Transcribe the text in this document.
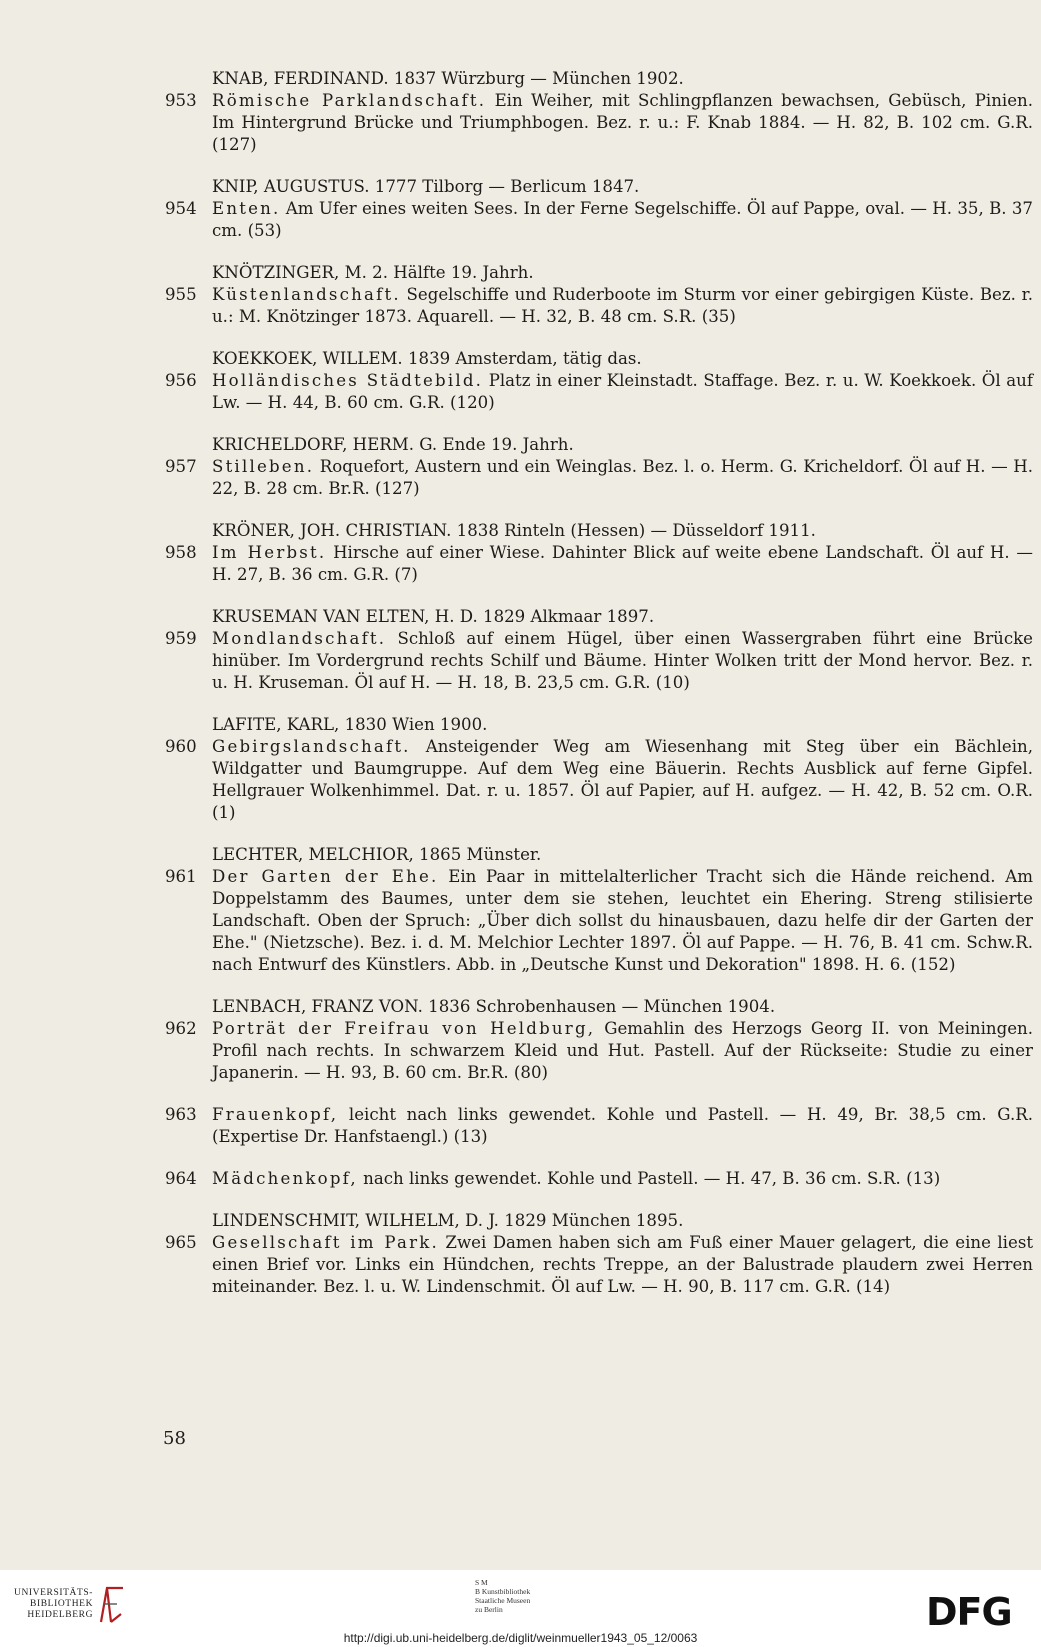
KNAB, FERDINAND. 1837 Würzburg — München 1902.
953 Römische Parklandschaft. Ein Weiher, mit Schlingpflanzen bewachsen, Gebüsch, Pinien. Im Hintergrund Brücke und Triumphbogen. Bez. r. u.: F. Knab 1884. — H. 82, B. 102 cm. G.R. (127)
KNIP, AUGUSTUS. 1777 Tilborg — Berlicum 1847.
954 Enten. Am Ufer eines weiten Sees. In der Ferne Segelschiffe. Öl auf Pappe, oval. — H. 35, B. 37 cm. (53)
KNÖTZINGER, M. 2. Hälfte 19. Jahrh.
955 Küstenlandschaft. Segelschiffe und Ruderboote im Sturm vor einer gebirgigen Küste. Bez. r. u.: M. Knötzinger 1873. Aquarell. — H. 32, B. 48 cm. S.R. (35)
KOEKKOEK, WILLEM. 1839 Amsterdam, tätig das.
956 Holländisches Städtebild. Platz in einer Kleinstadt. Staffage. Bez. r. u. W. Koekkoek. Öl auf Lw. — H. 44, B. 60 cm. G.R. (120)
KRICHELDORF, HERM. G. Ende 19. Jahrh.
957 Stilleben. Roquefort, Austern und ein Weinglas. Bez. l. o. Herm. G. Kricheldorf. Öl auf H. — H. 22, B. 28 cm. Br.R. (127)
KRÖNER, JOH. CHRISTIAN. 1838 Rinteln (Hessen) — Düsseldorf 1911.
958 Im Herbst. Hirsche auf einer Wiese. Dahinter Blick auf weite ebene Landschaft. Öl auf H. — H. 27, B. 36 cm. G.R. (7)
KRUSEMAN VAN ELTEN, H. D. 1829 Alkmaar 1897.
959 Mondlandschaft. Schloß auf einem Hügel, über einen Wassergraben führt eine Brücke hinüber. Im Vordergrund rechts Schilf und Bäume. Hinter Wolken tritt der Mond hervor. Bez. r. u. H. Kruseman. Öl auf H. — H. 18, B. 23,5 cm. G.R. (10)
LAFITE, KARL, 1830 Wien 1900.
960 Gebirgslandschaft. Ansteigender Weg am Wiesenhang mit Steg über ein Bächlein, Wildgatter und Baumgruppe. Auf dem Weg eine Bäuerin. Rechts Ausblick auf ferne Gipfel. Hellgrauer Wolkenhimmel. Dat. r. u. 1857. Öl auf Papier, auf H. aufgez. — H. 42, B. 52 cm. O.R. (1)
LECHTER, MELCHIOR, 1865 Münster.
961 Der Garten der Ehe. Ein Paar in mittelalterlicher Tracht sich die Hände reichend. Am Doppelstamm des Baumes, unter dem sie stehen, leuchtet ein Ehering. Streng stilisierte Landschaft. Oben der Spruch: „Über dich sollst du hinausbauen, dazu helfe dir der Garten der Ehe." (Nietzsche). Bez. i. d. M. Melchior Lechter 1897. Öl auf Pappe. — H. 76, B. 41 cm. Schw.R. nach Entwurf des Künstlers. Abb. in „Deutsche Kunst und Dekoration" 1898. H. 6. (152)
LENBACH, FRANZ VON. 1836 Schrobenhausen — München 1904.
962 Porträt der Freifrau von Heldburg, Gemahlin des Herzogs Georg II. von Meiningen. Profil nach rechts. In schwarzem Kleid und Hut. Pastell. Auf der Rückseite: Studie zu einer Japanerin. — H. 93, B. 60 cm. Br.R. (80)
963 Frauenkopf, leicht nach links gewendet. Kohle und Pastell. — H. 49, Br. 38,5 cm. G.R. (Expertise Dr. Hanfstaengl.) (13)
964 Mädchenkopf, nach links gewendet. Kohle und Pastell. — H. 47, B. 36 cm. S.R. (13)
LINDENSCHMIT, WILHELM, D. J. 1829 München 1895.
965 Gesellschaft im Park. Zwei Damen haben sich am Fuß einer Mauer gelagert, die eine liest einen Brief vor. Links ein Hündchen, rechts Treppe, an der Balustrade plaudern zwei Herren miteinander. Bez. l. u. W. Lindenschmit. Öl auf Lw. — H. 90, B. 117 cm. G.R. (14)
58
UNIVERSITÄTS-
BIBLIOTHEK
HEIDELBERG
S M
B Kunstbibliothek
Staatliche Museen
zu Berlin	DFG
http://digi.ub.uni-heidelberg.de/diglit/weinmueller1943_05_12/0063
